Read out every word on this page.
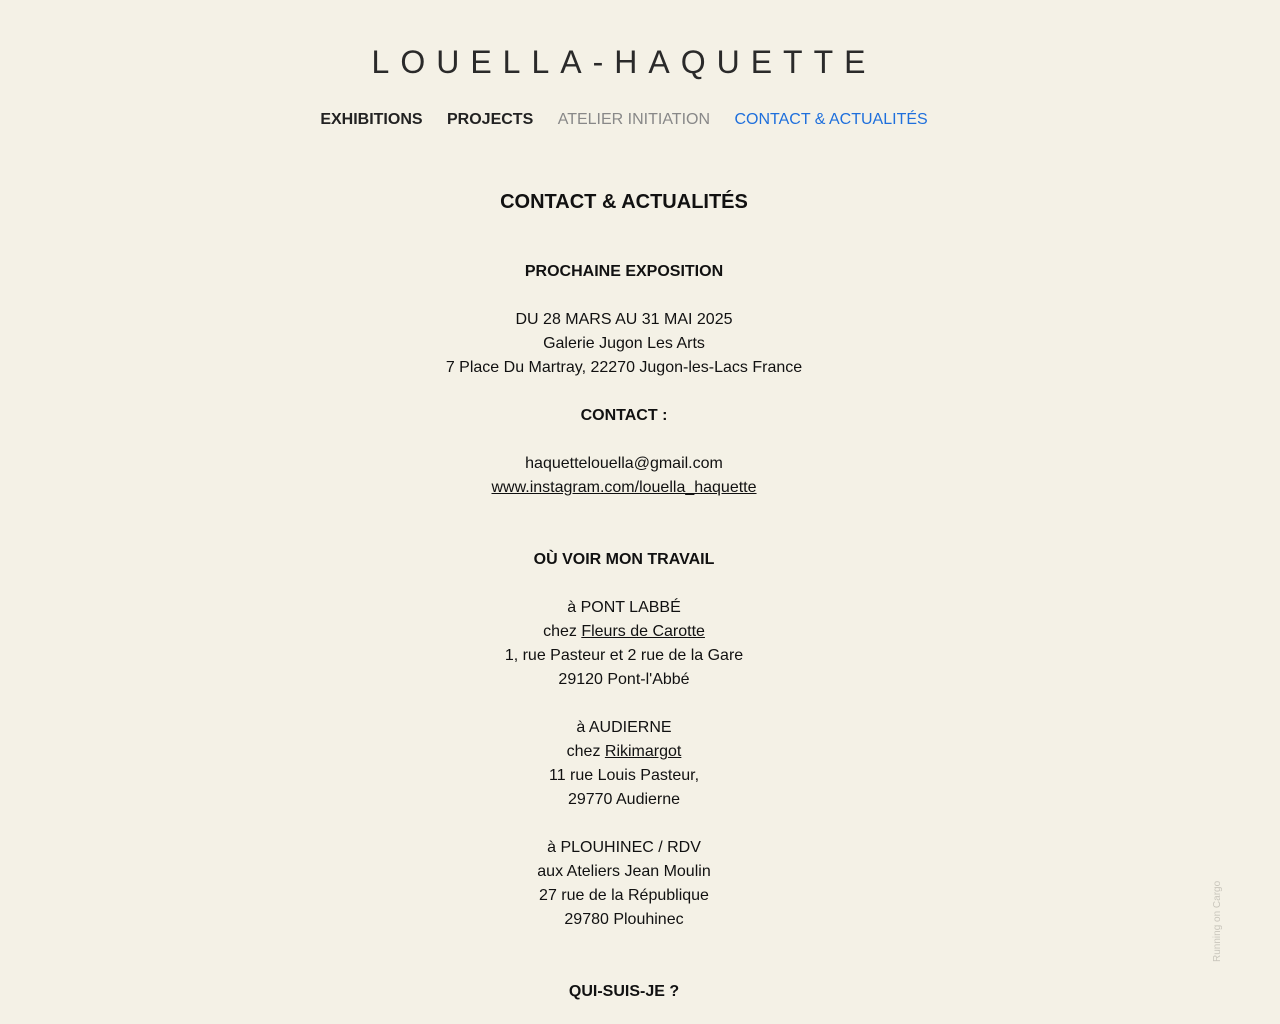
LOUELLA-HAQUETTE
EXHIBITIONS PROJECTS ATELIER INITIATION CONTACT & ACTUALITÉS
CONTACT & ACTUALITÉS
PROCHAINE EXPOSITION
DU 28 MARS AU 31 MAI 2025
Galerie Jugon Les Arts
7 Place Du Martray, 22270 Jugon-les-Lacs France
CONTACT :
haquettelouella@gmail.com
www.instagram.com/louella_haquette
OÙ VOIR MON TRAVAIL
à PONT LABBÉ
chez Fleurs de Carotte
1, rue Pasteur et 2 rue de la Gare
29120 Pont-l'Abbé
à AUDIERNE
chez Rikimargot
11 rue Louis Pasteur,
29770 Audierne
à PLOUHINEC / RDV
aux Ateliers Jean Moulin
27 rue de la République
29780 Plouhinec
QUI-SUIS-JE ?
Running on Cargo
